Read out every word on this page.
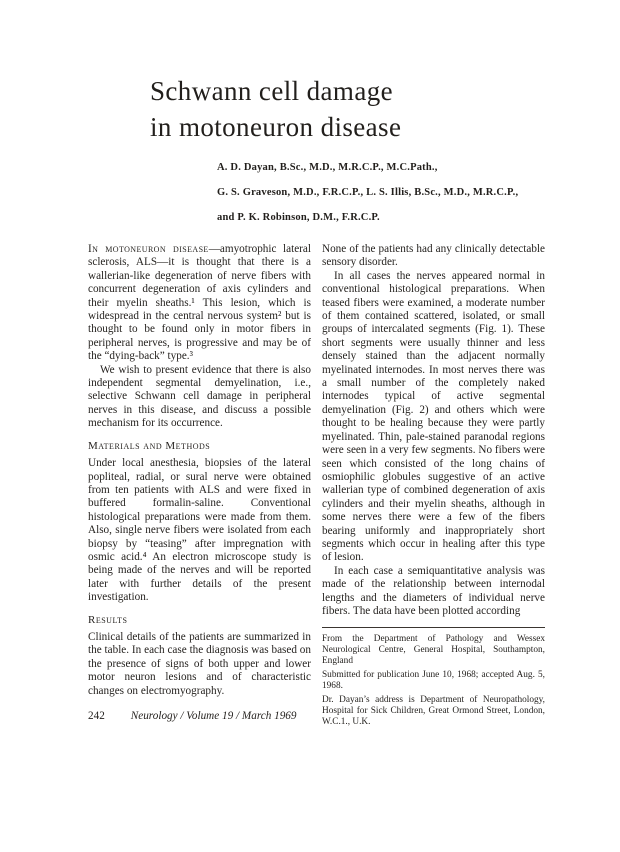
Schwann cell damage
in motoneuron disease
A. D. Dayan, B.Sc., M.D., M.R.C.P., M.C.Path.,
G. S. Graveson, M.D., F.R.C.P., L. S. Illis, B.Sc., M.D., M.R.C.P.,
and P. K. Robinson, D.M., F.R.C.P.

In motoneuron disease—amyotrophic lateral sclerosis, ALS—it is thought that there is a wallerian-like degeneration of nerve fibers with concurrent degeneration of axis cylinders and their myelin sheaths.¹ This lesion, which is widespread in the central nervous system² but is thought to be found only in motor fibers in peripheral nerves, is progressive and may be of the “dying-back” type.³

We wish to present evidence that there is also independent segmental demyelination, i.e., selective Schwann cell damage in peripheral nerves in this disease, and discuss a possible mechanism for its occurrence.

Materials and Methods

Under local anesthesia, biopsies of the lateral popliteal, radial, or sural nerve were obtained from ten patients with ALS and were fixed in buffered formalin-saline. Conventional histological preparations were made from them. Also, single nerve fibers were isolated from each biopsy by “teasing” after impregnation with osmic acid.⁴ An electron microscope study is being made of the nerves and will be reported later with further details of the present investigation.

Results

Clinical details of the patients are summarized in the table. In each case the diagnosis was based on the presence of signs of both upper and lower motor neuron lesions and of characteristic changes on electromyography.

242 Neurology / Volume 19 / March 1969

None of the patients had any clinically detectable sensory disorder.

In all cases the nerves appeared normal in conventional histological preparations. When teased fibers were examined, a moderate number of them contained scattered, isolated, or small groups of intercalated segments (Fig. 1). These short segments were usually thinner and less densely stained than the adjacent normally myelinated internodes. In most nerves there was a small number of the completely naked internodes typical of active segmental demyelination (Fig. 2) and others which were thought to be healing because they were partly myelinated. Thin, pale-stained paranodal regions were seen in a very few segments. No fibers were seen which consisted of the long chains of osmiophilic globules suggestive of an active wallerian type of combined degeneration of axis cylinders and their myelin sheaths, although in some nerves there were a few of the fibers bearing uniformly and inappropriately short segments which occur in healing after this type of lesion.

In each case a semiquantitative analysis was made of the relationship between internodal lengths and the diameters of individual nerve fibers. The data have been plotted according

From the Department of Pathology and Wessex Neurological Centre, General Hospital, Southampton, England

Submitted for publication June 10, 1968; accepted Aug. 5, 1968.

Dr. Dayan’s address is Department of Neuropathology, Hospital for Sick Children, Great Ormond Street, London, W.C.1., U.K.
